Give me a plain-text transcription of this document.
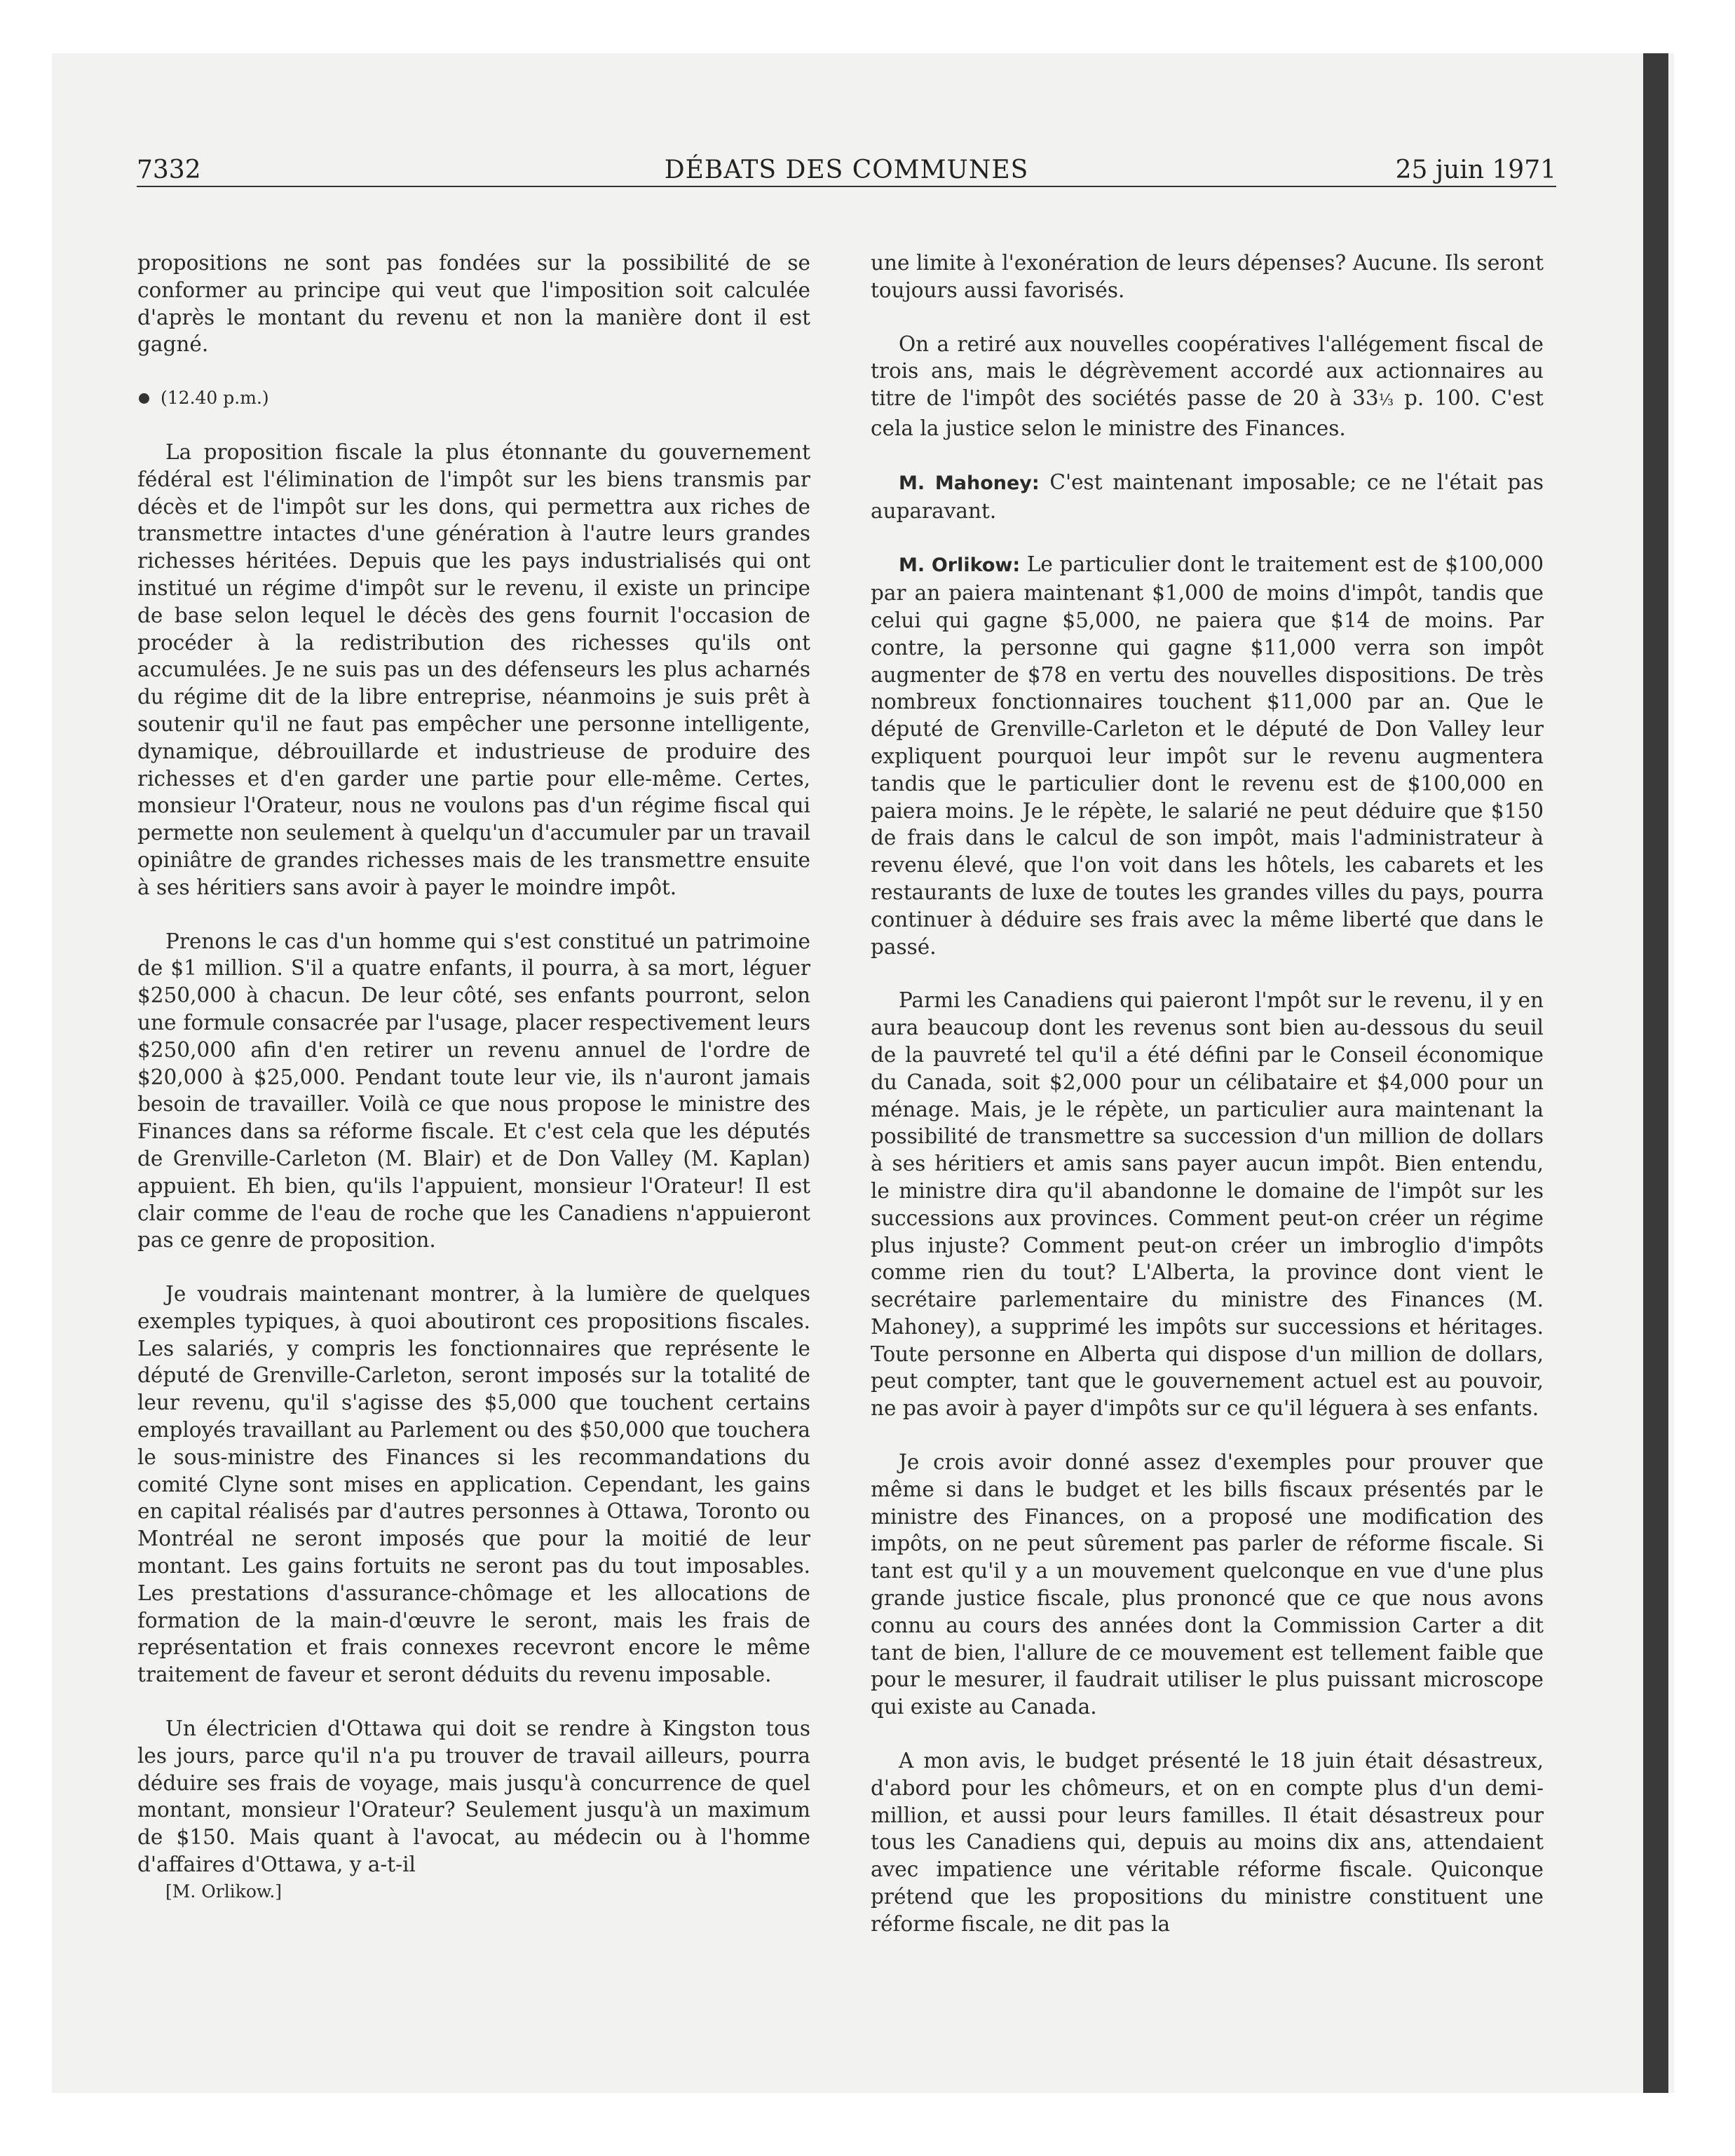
7332	DÉBATS DES COMMUNES	25 juin 1971

propositions ne sont pas fondées sur la possibilité de se conformer au principe qui veut que l'imposition soit calculée d'après le montant du revenu et non la manière dont il est gagné.

(12.40 p.m.)

La proposition fiscale la plus étonnante du gouvernement fédéral est l'élimination de l'impôt sur les biens transmis par décès et de l'impôt sur les dons, qui permettra aux riches de transmettre intactes d'une génération à l'autre leurs grandes richesses héritées. Depuis que les pays industrialisés qui ont institué un régime d'impôt sur le revenu, il existe un principe de base selon lequel le décès des gens fournit l'occasion de procéder à la redistribution des richesses qu'ils ont accumulées. Je ne suis pas un des défenseurs les plus acharnés du régime dit de la libre entreprise, néanmoins je suis prêt à soutenir qu'il ne faut pas empêcher une personne intelligente, dynamique, débrouillarde et industrieuse de produire des richesses et d'en garder une partie pour elle-même. Certes, monsieur l'Orateur, nous ne voulons pas d'un régime fiscal qui permette non seulement à quelqu'un d'accumuler par un travail opiniâtre de grandes richesses mais de les transmettre ensuite à ses héritiers sans avoir à payer le moindre impôt.

Prenons le cas d'un homme qui s'est constitué un patrimoine de $1 million. S'il a quatre enfants, il pourra, à sa mort, léguer $250,000 à chacun. De leur côté, ses enfants pourront, selon une formule consacrée par l'usage, placer respectivement leurs $250,000 afin d'en retirer un revenu annuel de l'ordre de $20,000 à $25,000. Pendant toute leur vie, ils n'auront jamais besoin de travailler. Voilà ce que nous propose le ministre des Finances dans sa réforme fiscale. Et c'est cela que les députés de Grenville-Carleton (M. Blair) et de Don Valley (M. Kaplan) appuient. Eh bien, qu'ils l'appuient, monsieur l'Orateur! Il est clair comme de l'eau de roche que les Canadiens n'appuieront pas ce genre de proposition.

Je voudrais maintenant montrer, à la lumière de quelques exemples typiques, à quoi aboutiront ces propositions fiscales. Les salariés, y compris les fonctionnaires que représente le député de Grenville-Carleton, seront imposés sur la totalité de leur revenu, qu'il s'agisse des $5,000 que touchent certains employés travaillant au Parlement ou des $50,000 que touchera le sous-ministre des Finances si les recommandations du comité Clyne sont mises en application. Cependant, les gains en capital réalisés par d'autres personnes à Ottawa, Toronto ou Montréal ne seront imposés que pour la moitié de leur montant. Les gains fortuits ne seront pas du tout imposables. Les prestations d'assurance-chômage et les allocations de formation de la main-d'œuvre le seront, mais les frais de représentation et frais connexes recevront encore le même traitement de faveur et seront déduits du revenu imposable.

Un électricien d'Ottawa qui doit se rendre à Kingston tous les jours, parce qu'il n'a pu trouver de travail ailleurs, pourra déduire ses frais de voyage, mais jusqu'à concurrence de quel montant, monsieur l'Orateur? Seulement jusqu'à un maximum de $150. Mais quant à l'avocat, au médecin ou à l'homme d'affaires d'Ottawa, y a-t-il

[M. Orlikow.]

une limite à l'exonération de leurs dépenses? Aucune. Ils seront toujours aussi favorisés.

On a retiré aux nouvelles coopératives l'allégement fiscal de trois ans, mais le dégrèvement accordé aux actionnaires au titre de l'impôt des sociétés passe de 20 à 33⅓ p. 100. C'est cela la justice selon le ministre des Finances.

M. Mahoney: C'est maintenant imposable; ce ne l'était pas auparavant.

M. Orlikow: Le particulier dont le traitement est de $100,000 par an paiera maintenant $1,000 de moins d'impôt, tandis que celui qui gagne $5,000, ne paiera que $14 de moins. Par contre, la personne qui gagne $11,000 verra son impôt augmenter de $78 en vertu des nouvelles dispositions. De très nombreux fonctionnaires touchent $11,000 par an. Que le député de Grenville-Carleton et le député de Don Valley leur expliquent pourquoi leur impôt sur le revenu augmentera tandis que le particulier dont le revenu est de $100,000 en paiera moins. Je le répète, le salarié ne peut déduire que $150 de frais dans le calcul de son impôt, mais l'administrateur à revenu élevé, que l'on voit dans les hôtels, les cabarets et les restaurants de luxe de toutes les grandes villes du pays, pourra continuer à déduire ses frais avec la même liberté que dans le passé.

Parmi les Canadiens qui paieront l'mpôt sur le revenu, il y en aura beaucoup dont les revenus sont bien au-dessous du seuil de la pauvreté tel qu'il a été défini par le Conseil économique du Canada, soit $2,000 pour un célibataire et $4,000 pour un ménage. Mais, je le répète, un particulier aura maintenant la possibilité de transmettre sa succession d'un million de dollars à ses héritiers et amis sans payer aucun impôt. Bien entendu, le ministre dira qu'il abandonne le domaine de l'impôt sur les successions aux provinces. Comment peut-on créer un régime plus injuste? Comment peut-on créer un imbroglio d'impôts comme rien du tout? L'Alberta, la province dont vient le secrétaire parlementaire du ministre des Finances (M. Mahoney), a supprimé les impôts sur successions et héritages. Toute personne en Alberta qui dispose d'un million de dollars, peut compter, tant que le gouvernement actuel est au pouvoir, ne pas avoir à payer d'impôts sur ce qu'il léguera à ses enfants.

Je crois avoir donné assez d'exemples pour prouver que même si dans le budget et les bills fiscaux présentés par le ministre des Finances, on a proposé une modification des impôts, on ne peut sûrement pas parler de réforme fiscale. Si tant est qu'il y a un mouvement quelconque en vue d'une plus grande justice fiscale, plus prononcé que ce que nous avons connu au cours des années dont la Commission Carter a dit tant de bien, l'allure de ce mouvement est tellement faible que pour le mesurer, il faudrait utiliser le plus puissant microscope qui existe au Canada.

A mon avis, le budget présenté le 18 juin était désastreux, d'abord pour les chômeurs, et on en compte plus d'un demi-million, et aussi pour leurs familles. Il était désastreux pour tous les Canadiens qui, depuis au moins dix ans, attendaient avec impatience une véritable réforme fiscale. Quiconque prétend que les propositions du ministre constituent une réforme fiscale, ne dit pas la
